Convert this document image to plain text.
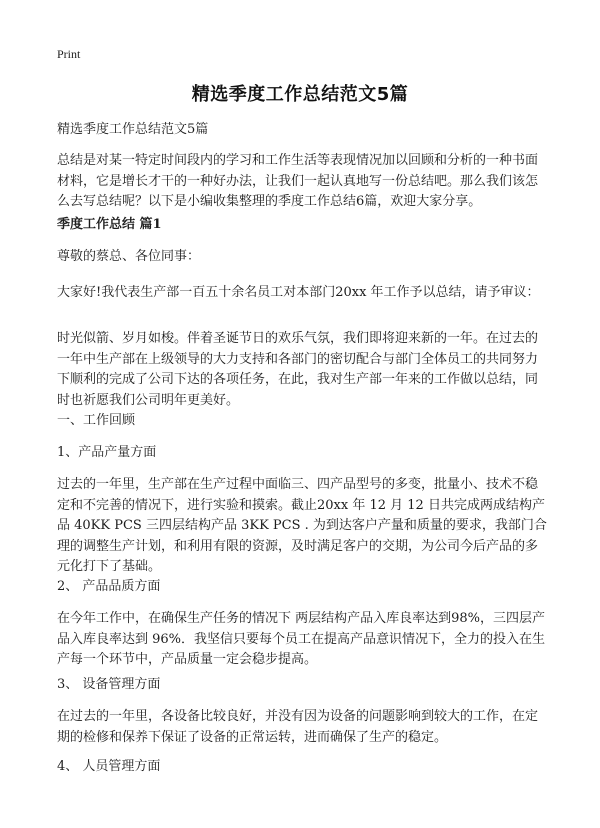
Print
精选季度工作总结范文5篇
精选季度工作总结范文5篇
总结是对某一特定时间段内的学习和工作生活等表现情况加以回顾和分析的一种书面材料，它是增长才干的一种好办法，让我们一起认真地写一份总结吧。那么我们该怎么去写总结呢？以下是小编收集整理的季度工作总结6篇，欢迎大家分享。
季度工作总结 篇1
尊敬的蔡总、各位同事：
大家好!我代表生产部一百五十余名员工对本部门20xx 年工作予以总结，请予审议：
时光似箭、岁月如梭。伴着圣诞节日的欢乐气氛，我们即将迎来新的一年。在过去的一年中生产部在上级领导的大力支持和各部门的密切配合与部门全体员工的共同努力下顺利的完成了公司下达的各项任务，在此，我对生产部一年来的工作做以总结，同时也祈愿我们公司明年更美好。
一、工作回顾
1、产品产量方面
过去的一年里，生产部在生产过程中面临三、四产品型号的多变，批量小、技术不稳定和不完善的情况下，进行实验和摸索。截止20xx 年 12 月 12 日共完成两成结构产品 40KK PCS 三四层结构产品 3KK PCS . 为到达客户产量和质量的要求，我部门合理的调整生产计划，和利用有限的资源，及时满足客户的交期，为公司今后产品的多元化打下了基础。
2、 产品品质方面
在今年工作中，在确保生产任务的情况下 两层结构产品入库良率达到98%，三四层产品入库良率达到 96%．我坚信只要每个员工在提高产品意识情况下，全力的投入在生产每一个环节中，产品质量一定会稳步提高。
3、 设备管理方面
在过去的一年里，各设备比较良好，并没有因为设备的问题影响到较大的工作，在定期的检修和保养下保证了设备的正常运转，进而确保了生产的稳定。
4、 人员管理方面
